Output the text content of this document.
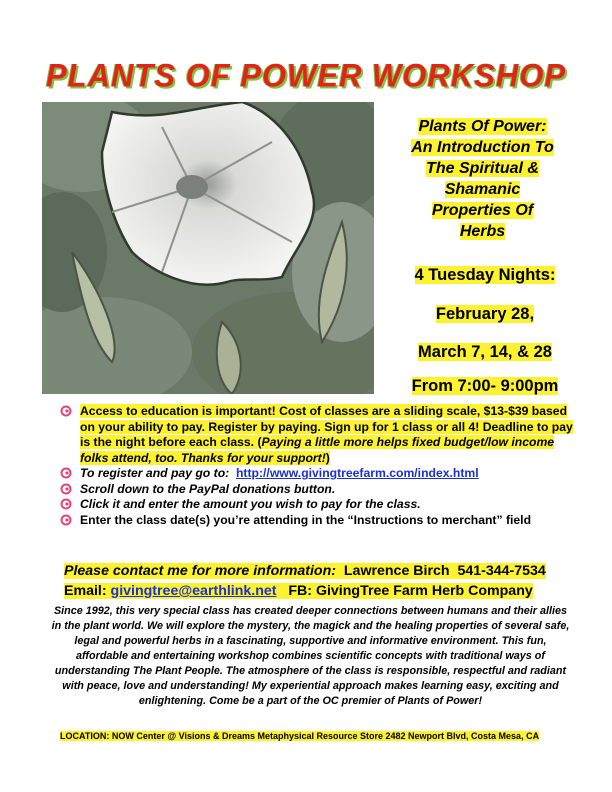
PLANTS OF POWER WORKSHOP
Plants Of Power:
An Introduction To
The Spiritual &
Shamanic
Properties Of
Herbs
4 Tuesday Nights:
February 28,
March 7, 14, & 28
From 7:00- 9:00pm
Access to education is important! Cost of classes are a sliding scale, $13-$39 based on your ability to pay. Register by paying. Sign up for 1 class or all 4! Deadline to pay is the night before each class. (Paying a little more helps fixed budget/low income folks attend, too. Thanks for your support!)
To register and pay go to: http://www.givingtreefarm.com/index.html
Scroll down to the PayPal donations button.
Click it and enter the amount you wish to pay for the class.
Enter the class date(s) you’re attending in the “Instructions to merchant” field
Please contact me for more information: Lawrence Birch 541-344-7534
Email: givingtree@earthlink.net FB: GivingTree Farm Herb Company
Since 1992, this very special class has created deeper connections between humans and their allies in the plant world. We will explore the mystery, the magick and the healing properties of several safe, legal and powerful herbs in a fascinating, supportive and informative environment. This fun, affordable and entertaining workshop combines scientific concepts with traditional ways of understanding The Plant People. The atmosphere of the class is responsible, respectful and radiant with peace, love and understanding! My experiential approach makes learning easy, exciting and enlightening. Come be a part of the OC premier of Plants of Power!
LOCATION: NOW Center @ Visions & Dreams Metaphysical Resource Store 2482 Newport Blvd, Costa Mesa, CA
